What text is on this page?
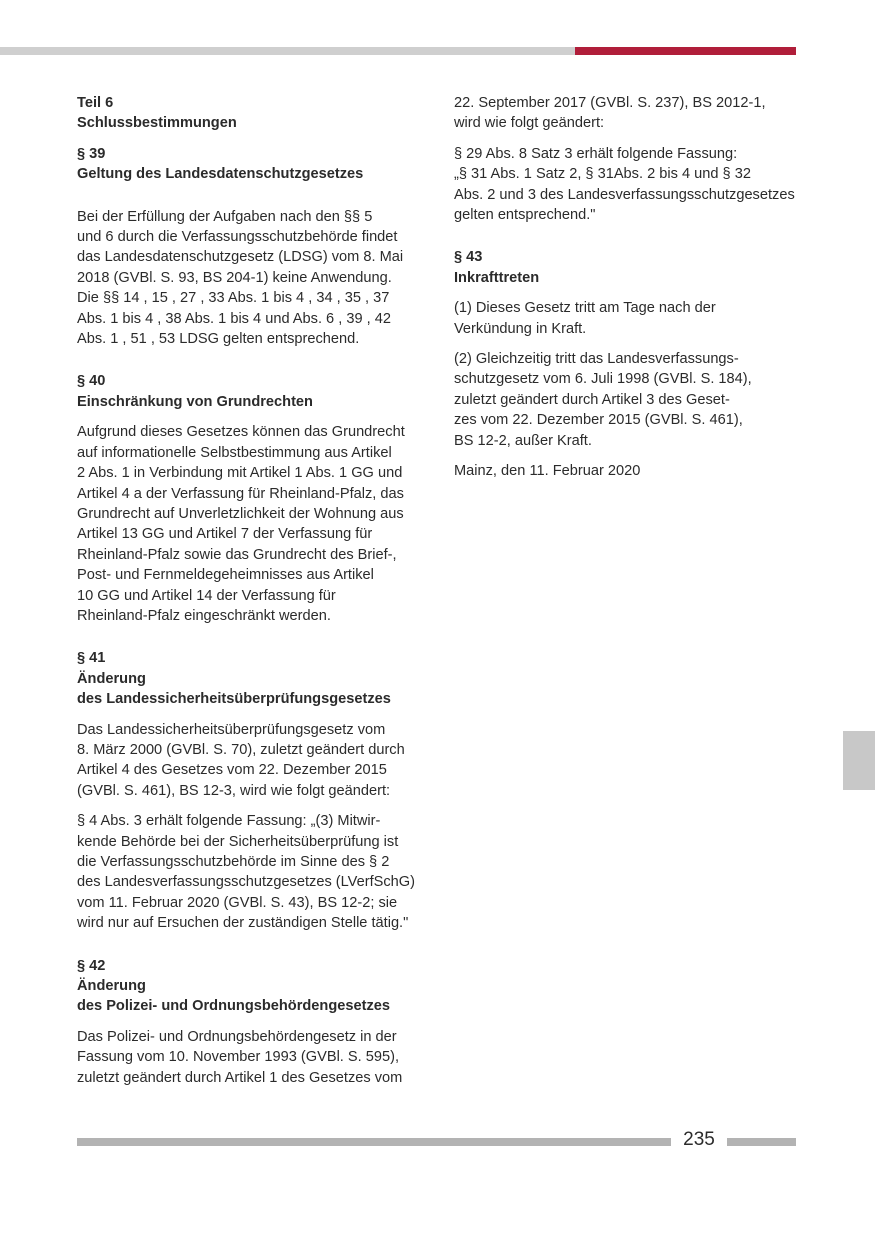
Teil 6

Schlussbestimmungen

§ 39

Geltung des Landesdatenschutzgesetzes

Bei der Erfüllung der Aufgaben nach den §§ 5
und 6 durch die Verfassungsschutzbehörde findet
das Landesdatenschutzgesetz (LDSG) vom 8. Mai
2018 (GVBl. S. 93, BS 204-1) keine Anwendung.
Die §§ 14 , 15 , 27 , 33 Abs. 1 bis 4 , 34 , 35 , 37
Abs. 1 bis 4 , 38 Abs. 1 bis 4 und Abs. 6 , 39 , 42
Abs. 1 , 51 , 53 LDSG gelten entsprechend.

§ 40

Einschränkung von Grundrechten

Aufgrund dieses Gesetzes können das Grundrecht
auf informationelle Selbstbestimmung aus Artikel
2 Abs. 1 in Verbindung mit Artikel 1 Abs. 1 GG und
Artikel 4 a der Verfassung für Rheinland-Pfalz, das
Grundrecht auf Unverletzlichkeit der Wohnung aus
Artikel 13 GG und Artikel 7 der Verfassung für
Rheinland-Pfalz sowie das Grundrecht des Brief-,
Post- und Fernmeldegeheimnisses aus Artikel
10 GG und Artikel 14 der Verfassung für
Rheinland-Pfalz eingeschränkt werden.

§ 41

Änderung

des Landessicherheitsüberprüfungsgesetzes

Das Landessicherheitsüberprüfungsgesetz vom
8. März 2000 (GVBl. S. 70), zuletzt geändert durch
Artikel 4 des Gesetzes vom 22. Dezember 2015
(GVBl. S. 461), BS 12-3, wird wie folgt geändert:

§ 4 Abs. 3 erhält folgende Fassung: „(3) Mitwir-
kende Behörde bei der Sicherheitsüberprüfung ist
die Verfassungsschutzbehörde im Sinne des § 2
des Landesverfassungsschutzgesetzes (LVerfSchG)
vom 11. Februar 2020 (GVBl. S. 43), BS 12-2; sie
wird nur auf Ersuchen der zuständigen Stelle tätig."

§ 42

Änderung

des Polizei- und Ordnungsbehördengesetzes

Das Polizei- und Ordnungsbehördengesetz in der
Fassung vom 10. November 1993 (GVBl. S. 595),
zuletzt geändert durch Artikel 1 des Gesetzes vom

22. September 2017 (GVBl. S. 237), BS 2012-1,
wird wie folgt geändert:

§ 29 Abs. 8 Satz 3 erhält folgende Fassung:
„§ 31 Abs. 1 Satz 2, § 31Abs. 2 bis 4 und § 32
Abs. 2 und 3 des Landesverfassungsschutzgesetzes
gelten entsprechend."

§ 43

Inkrafttreten

(1) Dieses Gesetz tritt am Tage nach der
Verkündung in Kraft.

(2) Gleichzeitig tritt das Landesverfassungs-
schutzgesetz vom 6. Juli 1998 (GVBl. S. 184),
zuletzt geändert durch Artikel 3 des Geset-
zes vom 22. Dezember 2015 (GVBl. S. 461),
BS 12-2, außer Kraft.

Mainz, den 11. Februar 2020

235
